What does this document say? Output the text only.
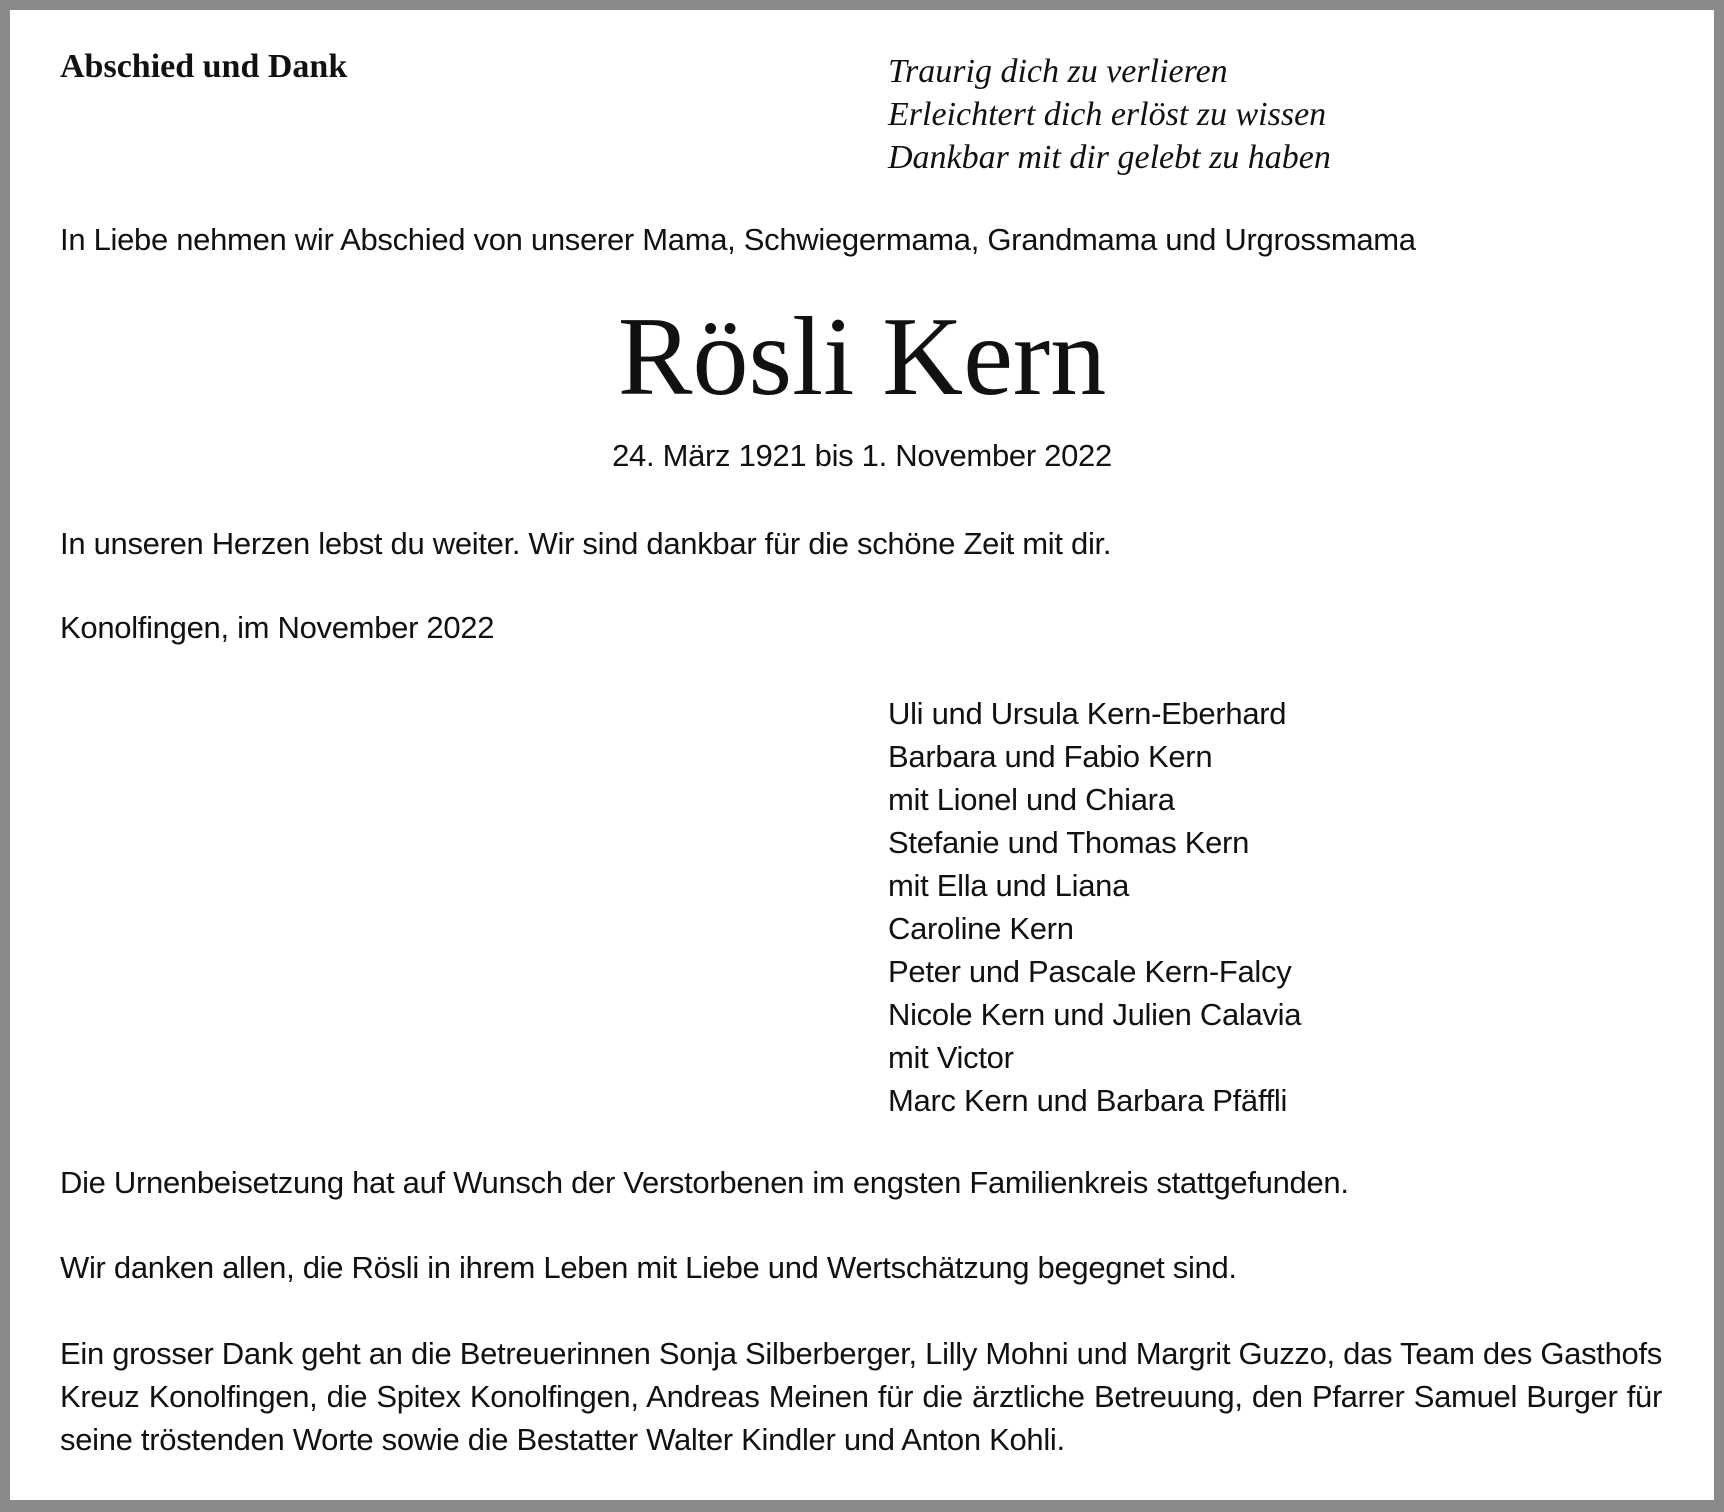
Abschied und Dank	Traurig dich zu verlieren
Erleichtert dich erlöst zu wissen
Dankbar mit dir gelebt zu haben
In Liebe nehmen wir Abschied von unserer Mama, Schwiegermama, Grandmama und Urgrossmama
Rösli Kern
24. März 1921 bis 1. November 2022
In unseren Herzen lebst du weiter. Wir sind dankbar für die schöne Zeit mit dir.
Konolfingen, im November 2022
Uli und Ursula Kern-Eberhard
Barbara und Fabio Kern
mit Lionel und Chiara
Stefanie und Thomas Kern
mit Ella und Liana
Caroline Kern
Peter und Pascale Kern-Falcy
Nicole Kern und Julien Calavia
mit Victor
Marc Kern und Barbara Pfäffli
Die Urnenbeisetzung hat auf Wunsch der Verstorbenen im engsten Familienkreis stattgefunden.
Wir danken allen, die Rösli in ihrem Leben mit Liebe und Wertschätzung begegnet sind.
Ein grosser Dank geht an die Betreuerinnen Sonja Silberberger, Lilly Mohni und Margrit Guzzo, das Team des Gasthofs Kreuz Konolfingen, die Spitex Konolfingen, Andreas Meinen für die ärztliche Betreuung, den Pfarrer Samuel Burger für seine tröstenden Worte sowie die Bestatter Walter Kindler und Anton Kohli.
